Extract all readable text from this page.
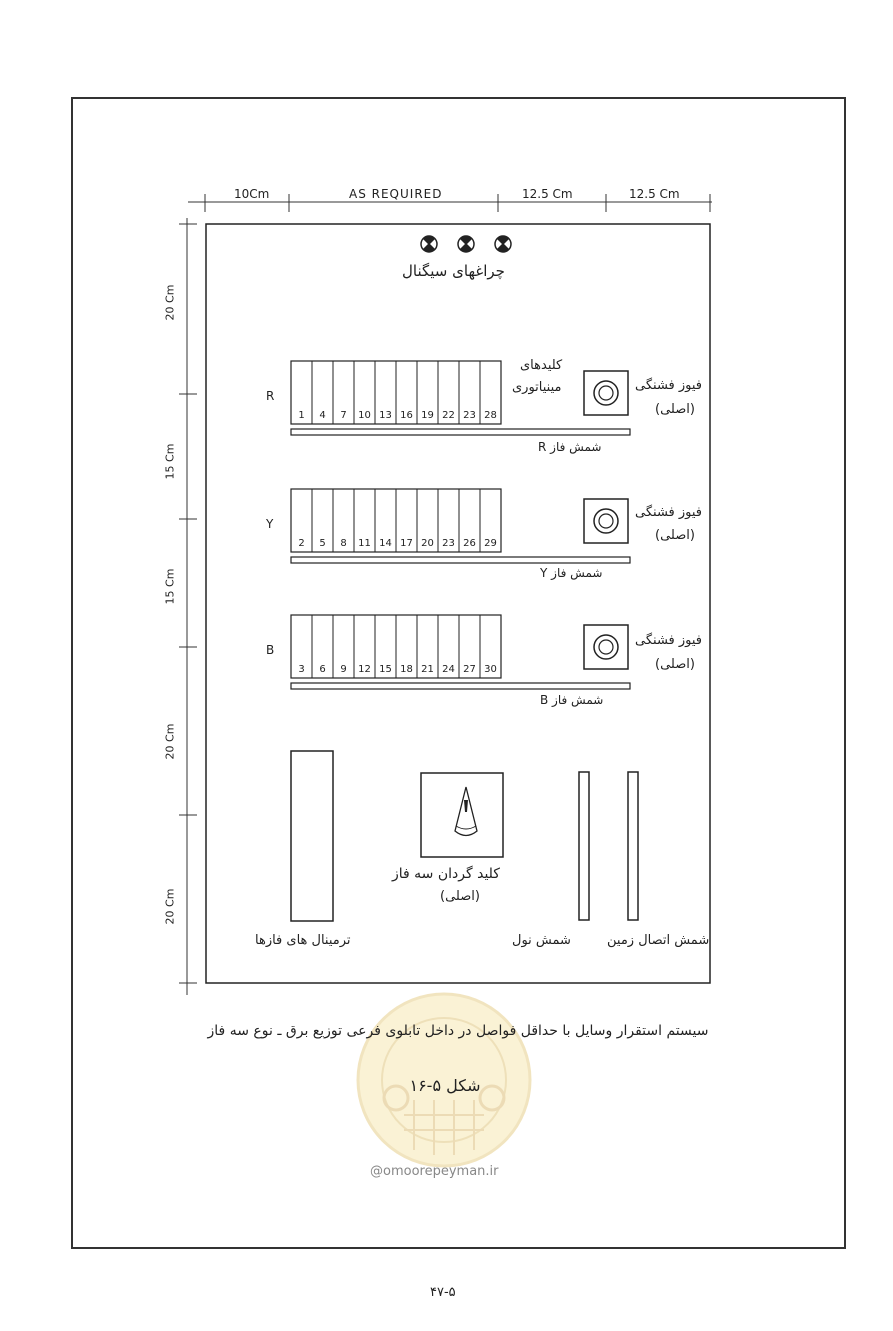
1 4 7 10 13 16 19 22 23 28
2 5 8 11 14 17 20 23 26 29
3 6 9 12 15 18 21 24 27 30
10Cm	AS REQUIRED	12.5 Cm	12.5 Cm
20 Cm
15 Cm
15 Cm
20 Cm
20 Cm
چراغهای سیگنال
کلیدهای
مینیاتوری
R
Y
B
فیوز فشنگی
(اصلی)
فیوز فشنگی
(اصلی)
فیوز فشنگی
(اصلی)
شمش فاز R
شمش فاز Y
شمش فاز B
ترمینال های فازها
کلید گردان سه فاز
(اصلی)
شمش نول	شمش اتصال زمین
سیستم استقرار وسایل با حداقل فواصل در داخل تابلوی فرعی توزیع برق ـ نوع سه فاز
شکل ۵-۱۶
@omoorepeyman.ir
۴۷-۵
